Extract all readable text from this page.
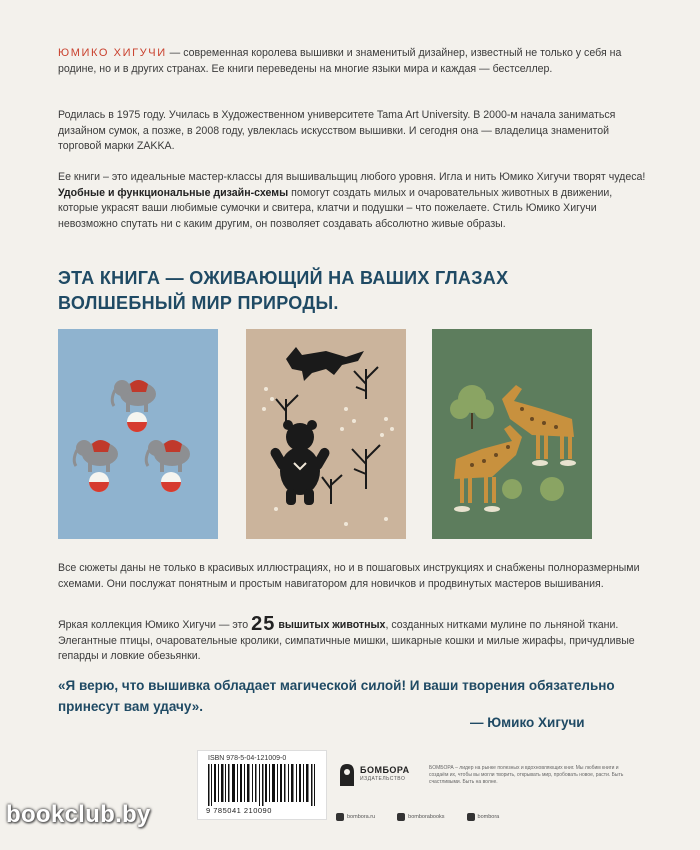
ЮМИКО ХИГУЧИ — современная королева вышивки и знаменитый дизайнер, известный не только у себя на родине, но и в других странах. Ее книги переведены на многие языки мира и каждая — бестселлер.

Родилась в 1975 году. Училась в Художественном университете Tama Art University. В 2000-м начала заниматься дизайном сумок, а позже, в 2008 году, увлеклась искусством вышивки. И сегодня она — владелица знаменитой торговой марки ZAKKA.

Ее книги – это идеальные мастер-классы для вышивальщиц любого уровня. Игла и нить Юмико Хигучи творят чудеса! Удобные и функциональные дизайн-схемы помогут создать милых и очаровательных животных в движении, которые украсят ваши любимые сумочки и свитера, клатчи и подушки – что пожелаете. Стиль Юмико Хигучи невозможно спутать ни с каким другим, он позволяет создавать абсолютно живые образы.

ЭТА КНИГА — ОЖИВАЮЩИЙ НА ВАШИХ ГЛАЗАХ
ВОЛШЕБНЫЙ МИР ПРИРОДЫ.

Все сюжеты даны не только в красивых иллюстрациях, но и в пошаговых инструкциях и снабжены полноразмерными схемами. Они послужат понятным и простым навигатором для новичков и продвинутых мастеров вышивания.

Яркая коллекция Юмико Хигучи — это 25 вышитых животных, созданных нитками мулине по льняной ткани. Элегантные птицы, очаровательные кролики, симпатичные мишки, шикарные кошки и милые жирафы, причудливые гепарды и ловкие обезьянки.

«Я верю, что вышивка обладает магической силой! И ваши творения обязательно принесут вам удачу».

— Юмико Хигучи
ISBN 978-5-04-121009-0
9 785041 210090
БОМБОРА
ИЗДАТЕЛЬСТВО
БОМБОРА – лидер на рынке полезных и вдохновляющих книг. Мы любим книги и создаём их, чтобы вы могли творить, открывать мир, пробовать новое, расти. Быть счастливыми. Быть на волне.
bombora.ru	bomborabooks	bombora
bookclub.by
